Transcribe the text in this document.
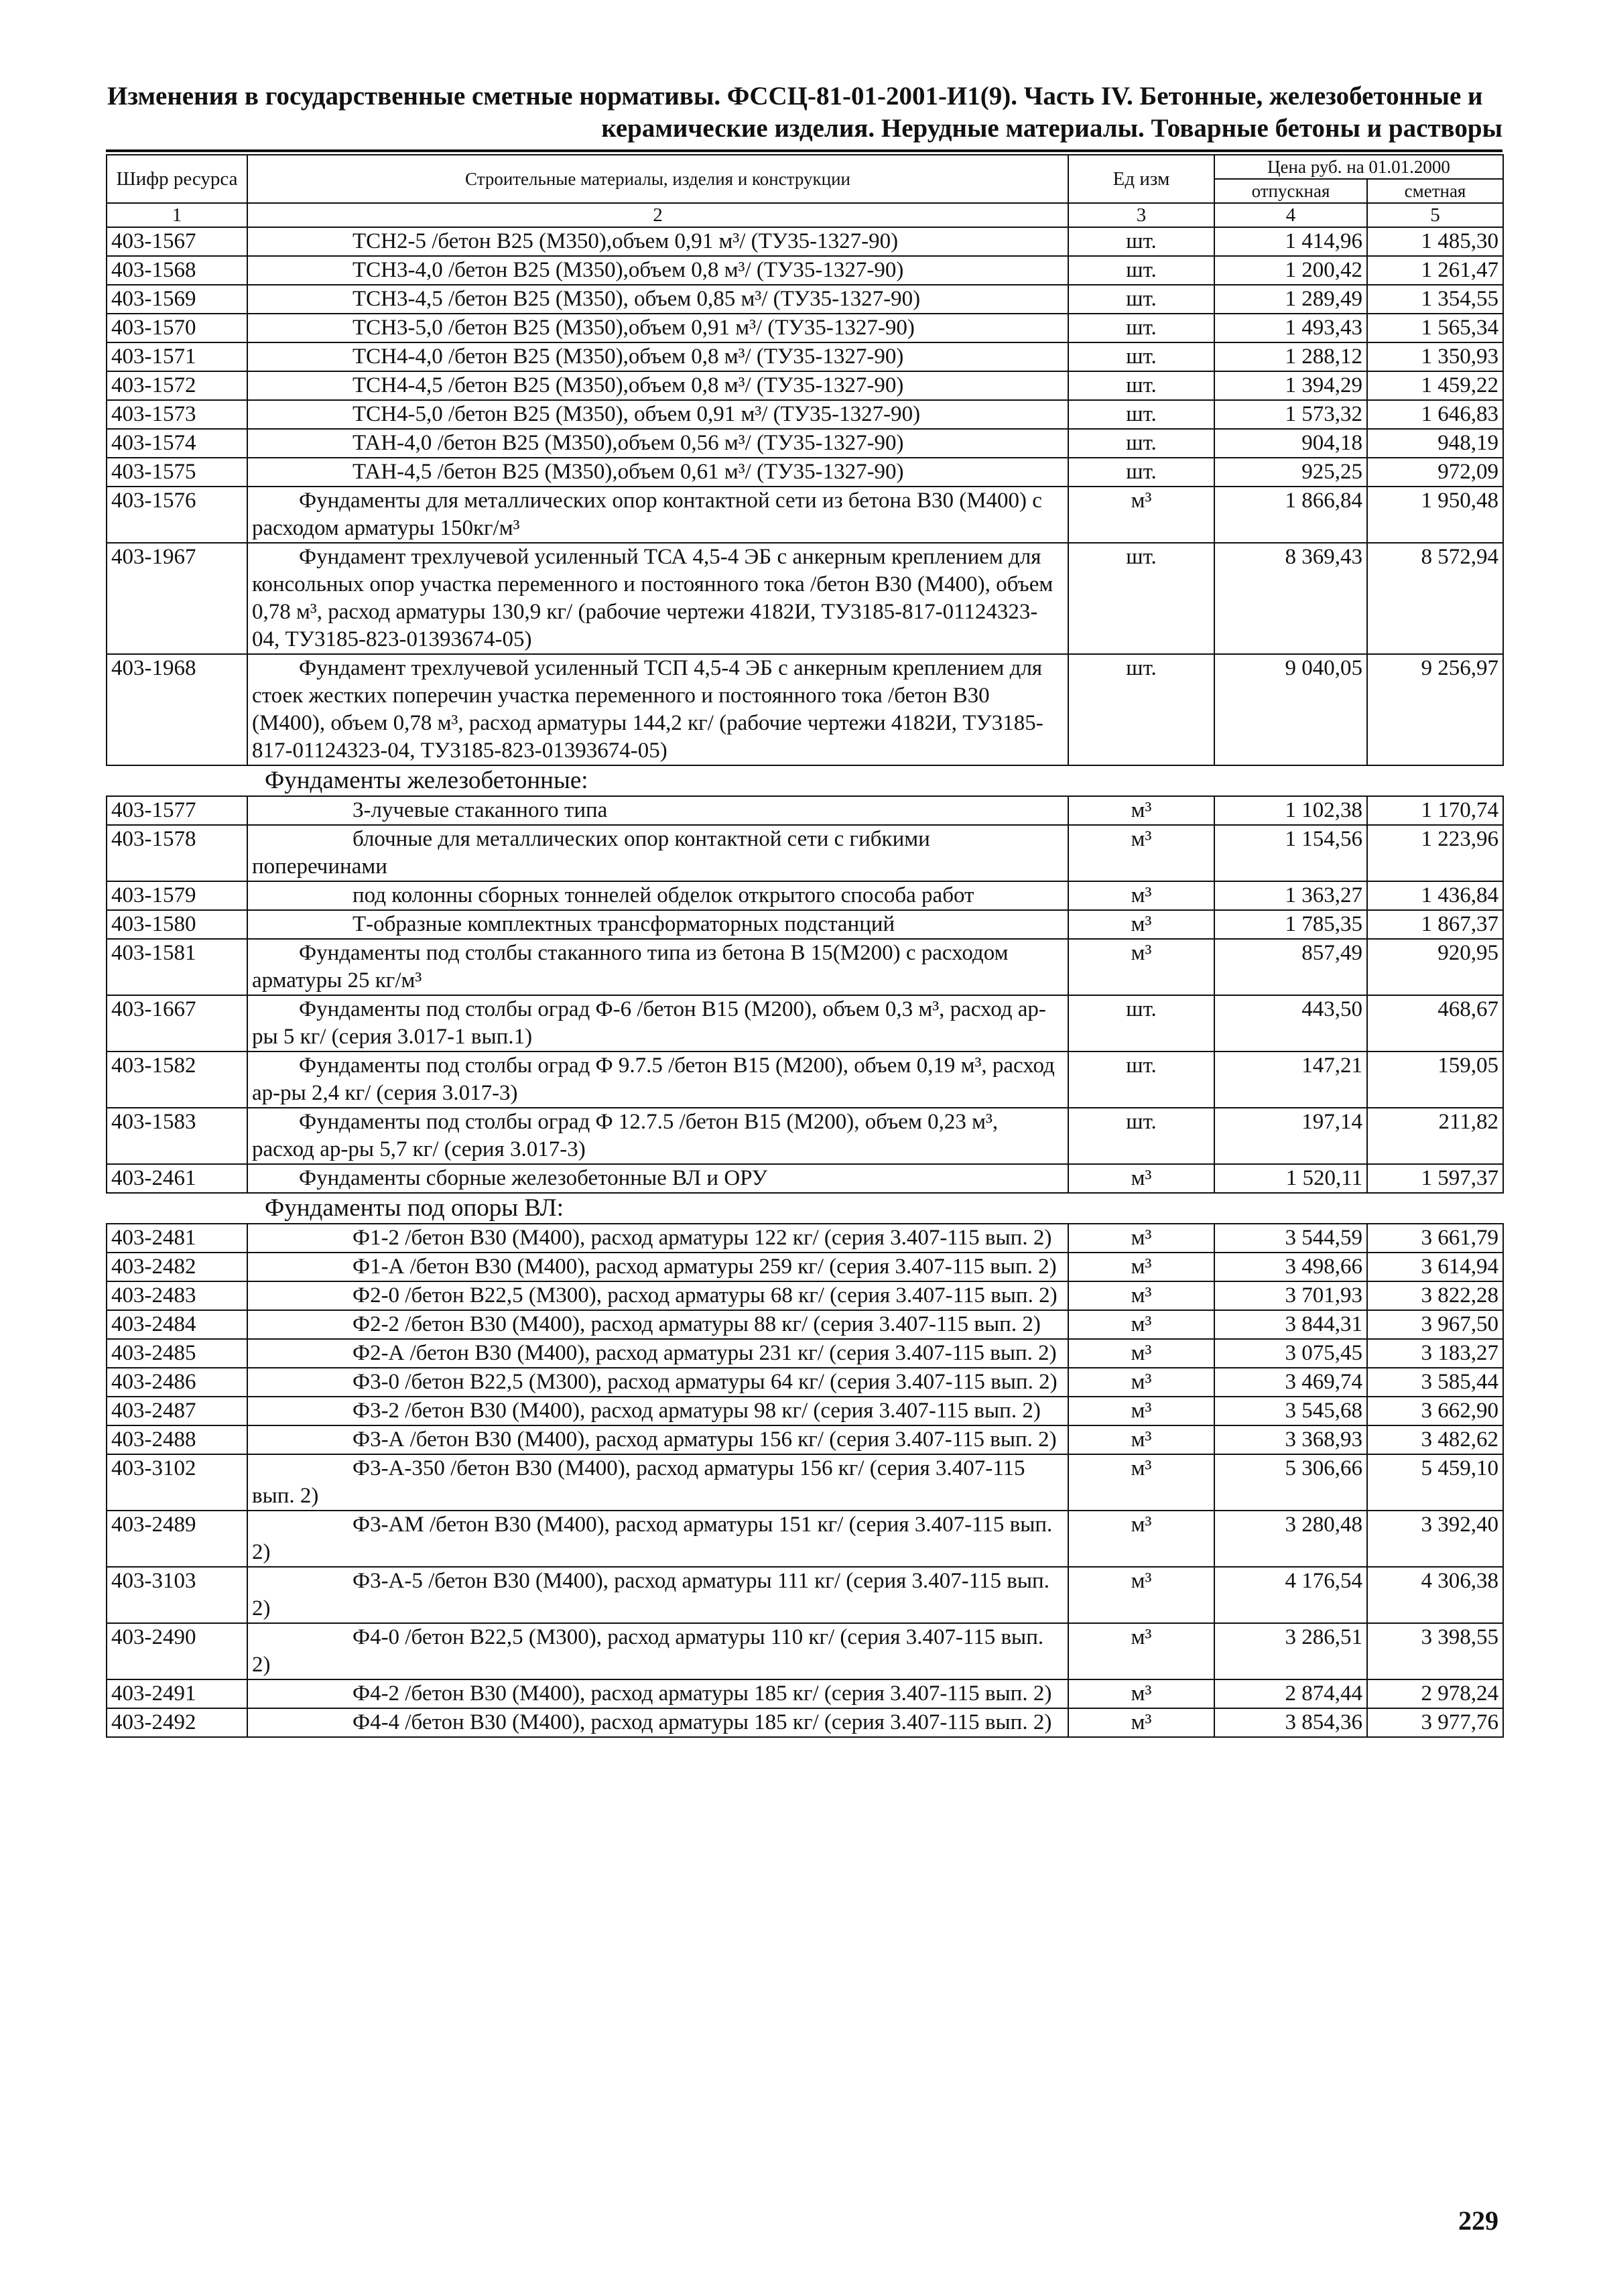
Изменения в государственные сметные нормативы. ФССЦ-81-01-2001-И1(9). Часть IV. Бетонные, железобетонные и
керамические изделия. Нерудные материалы. Товарные бетоны и растворы
Шифр ресурса	Строительные материалы, изделия и конструкции	Ед изм	Цена руб. на 01.01.2000	
			отпускная	сметная
1	2	3	4	5
403-1567	ТСН2-5 /бетон В25 (М350),объем 0,91 м³/ (ТУ35-1327-90)	шт.	1 414,96	1 485,30
403-1568	ТСН3-4,0 /бетон В25 (М350),объем 0,8 м³/ (ТУ35-1327-90)	шт.	1 200,42	1 261,47
403-1569	ТСН3-4,5 /бетон В25 (М350), объем 0,85 м³/ (ТУ35-1327-90)	шт.	1 289,49	1 354,55
403-1570	ТСН3-5,0 /бетон В25 (М350),объем 0,91 м³/ (ТУ35-1327-90)	шт.	1 493,43	1 565,34
403-1571	ТСН4-4,0 /бетон В25 (М350),объем 0,8 м³/ (ТУ35-1327-90)	шт.	1 288,12	1 350,93
403-1572	ТСН4-4,5 /бетон В25 (М350),объем 0,8 м³/ (ТУ35-1327-90)	шт.	1 394,29	1 459,22
403-1573	ТСН4-5,0 /бетон В25 (М350), объем 0,91 м³/ (ТУ35-1327-90)	шт.	1 573,32	1 646,83
403-1574	ТАН-4,0 /бетон В25 (М350),объем 0,56 м³/ (ТУ35-1327-90)	шт.	904,18	948,19
403-1575	ТАН-4,5 /бетон В25 (М350),объем 0,61 м³/ (ТУ35-1327-90)	шт.	925,25	972,09
403-1576	Фундаменты для металлических опор контактной сети из бетона В30 (М400) с расходом арматуры 150кг/м³	м³	1 866,84	1 950,48
403-1967	Фундамент трехлучевой усиленный ТСА 4,5-4 ЭБ с анкерным креплением для консольных опор участка переменного и постоянного тока /бетон В30 (М400), объем 0,78 м³, расход арматуры 130,9 кг/ (рабочие чертежи 4182И, ТУ3185-817-01124323-04, ТУ3185-823-01393674-05)	шт.	8 369,43	8 572,94
403-1968	Фундамент трехлучевой усиленный ТСП 4,5-4 ЭБ с анкерным креплением для стоек жестких поперечин участка переменного и постоянного тока /бетон В30 (М400), объем 0,78 м³, расход арматуры 144,2 кг/ (рабочие чертежи 4182И, ТУ3185-817-01124323-04, ТУ3185-823-01393674-05)	шт.	9 040,05	9 256,97
Фундаменты железобетонные:				
403-1577	3-лучевые стаканного типа	м³	1 102,38	1 170,74
403-1578	блочные для металлических опор контактной сети с гибкими поперечинами	м³	1 154,56	1 223,96
403-1579	под колонны сборных тоннелей обделок открытого способа работ	м³	1 363,27	1 436,84
403-1580	Т-образные комплектных трансформаторных подстанций	м³	1 785,35	1 867,37
403-1581	Фундаменты под столбы стаканного типа из бетона В 15(М200) с расходом арматуры 25 кг/м³	м³	857,49	920,95
403-1667	Фундаменты под столбы оград Ф-6 /бетон В15 (М200), объем 0,3 м³, расход ар-ры 5 кг/ (серия 3.017-1 вып.1)	шт.	443,50	468,67
403-1582	Фундаменты под столбы оград Ф 9.7.5 /бетон В15 (М200), объем 0,19 м³, расход ар-ры 2,4 кг/ (серия 3.017-3)	шт.	147,21	159,05
403-1583	Фундаменты под столбы оград Ф 12.7.5 /бетон В15 (М200), объем 0,23 м³, расход ар-ры 5,7 кг/ (серия 3.017-3)	шт.	197,14	211,82
403-2461	Фундаменты сборные железобетонные ВЛ и ОРУ	м³	1 520,11	1 597,37
Фундаменты под опоры ВЛ:				
403-2481	Ф1-2 /бетон В30 (М400), расход арматуры 122 кг/ (серия 3.407-115 вып. 2)	м³	3 544,59	3 661,79
403-2482	Ф1-А /бетон В30 (М400), расход арматуры 259 кг/ (серия 3.407-115 вып. 2)	м³	3 498,66	3 614,94
403-2483	Ф2-0 /бетон В22,5 (М300), расход арматуры 68 кг/ (серия 3.407-115 вып. 2)	м³	3 701,93	3 822,28
403-2484	Ф2-2 /бетон В30 (М400), расход арматуры 88 кг/ (серия 3.407-115 вып. 2)	м³	3 844,31	3 967,50
403-2485	Ф2-А /бетон В30 (М400), расход арматуры 231 кг/ (серия 3.407-115 вып. 2)	м³	3 075,45	3 183,27
403-2486	Ф3-0 /бетон В22,5 (М300), расход арматуры 64 кг/ (серия 3.407-115 вып. 2)	м³	3 469,74	3 585,44
403-2487	Ф3-2 /бетон В30 (М400), расход арматуры 98 кг/ (серия 3.407-115 вып. 2)	м³	3 545,68	3 662,90
403-2488	Ф3-А /бетон В30 (М400), расход арматуры 156 кг/ (серия 3.407-115 вып. 2)	м³	3 368,93	3 482,62
403-3102	Ф3-А-350 /бетон В30 (М400), расход арматуры 156 кг/ (серия 3.407-115 вып. 2)	м³	5 306,66	5 459,10
403-2489	Ф3-АМ /бетон В30 (М400), расход арматуры 151 кг/ (серия 3.407-115 вып. 2)	м³	3 280,48	3 392,40
403-3103	Ф3-А-5 /бетон В30 (М400), расход арматуры 111 кг/ (серия 3.407-115 вып. 2)	м³	4 176,54	4 306,38
403-2490	Ф4-0 /бетон В22,5 (М300), расход арматуры 110 кг/ (серия 3.407-115 вып. 2)	м³	3 286,51	3 398,55
403-2491	Ф4-2 /бетон В30 (М400), расход арматуры 185 кг/ (серия 3.407-115 вып. 2)	м³	2 874,44	2 978,24
403-2492	Ф4-4 /бетон В30 (М400), расход арматуры 185 кг/ (серия 3.407-115 вып. 2)	м³	3 854,36	3 977,76
229
